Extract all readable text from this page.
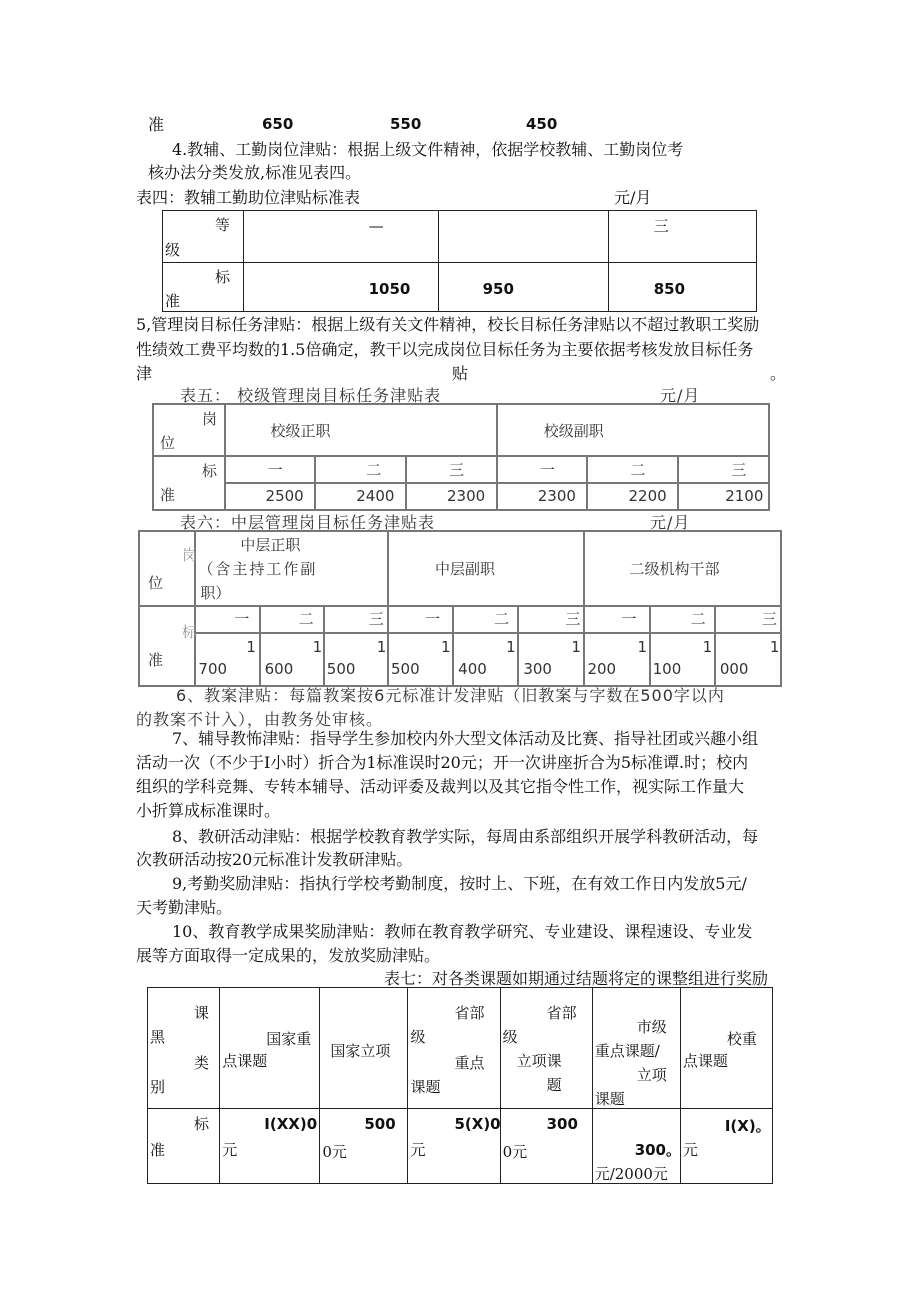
准	650	550	450
4.教辅、工勤岗位津贴：根据上级文件精神，依据学校教辅、工勤岗位考
核办法分类发放,标准见表四。
表四：教辅工勤助位津贴标准表	元/月
等
级	—		三

标
准	1050	950	850
5,管理岗目标任务津贴：根据上级有关文件精神，校长目标任务津贴以不超过教职工奖励
性绩效工费平均数的1.5倍确定，教干以完成岗位目标任务为主要依据考核发放目标任务
津	贴	。
表五： 校级管理岗目标任务津贴表	元/月
岗
位	校级正职			校级副职		

标
准	一	二	三	一	二	三

	2500	2400	2300	2300	2200	2100
表六：中层管理岗目标任务津贴表	元/月
岗
位	中层正职
（含主持工作副
职）			中层副职			二级机构干部		

标
准	一	二	三	一	二	三	一	二	三

	1
700	1
600	1
500	1
500	1
400	1
300	1
200	1
100	1
000
6、教案津贴：每篇教案按6元标准计发津贴（旧教案与字数在500字以内
的教案不计入），由教务处审核。
7、辅导教怖津贴：指导学生参加校内外大型文体活动及比赛、指导社团或兴趣小组
活动一次（不少于I小时）折合为1标准误时20元；开一次讲座折合为5标准谭.时；校内
组织的学科竞舞、专转本辅导、活动评委及裁判以及其它指令性工作，视实际工作量大
小折算成标准课时。
8、教研活动津贴：根据学校教育教学实际，每周由系部组织开展学科教研活动，每
次教研活动按20元标准计发教研津贴。
9,考勤奖励津贴：指执行学校考勤制度，按时上、下班，在有效工作日内发放5元/
天考勤津贴。
10、教育教学成果奖励津贴：教师在教育教学研究、专业建设、课程速设、专业发
展等方面取得一定成果的，发放奖励津贴。
表七：对各类课题如期通过结题将定的课整组进行奖励
课
黑
类
别	国家重
点课题	国家立项	省部
级
重点
课题	省部
级
立项课
题	市级
重点课题/
立项
课题	校重
点课题

标
准	I(XX)0
元	500
0元	5(X)0
元	300
0元	300。
元/2000元	I(X)。
元
